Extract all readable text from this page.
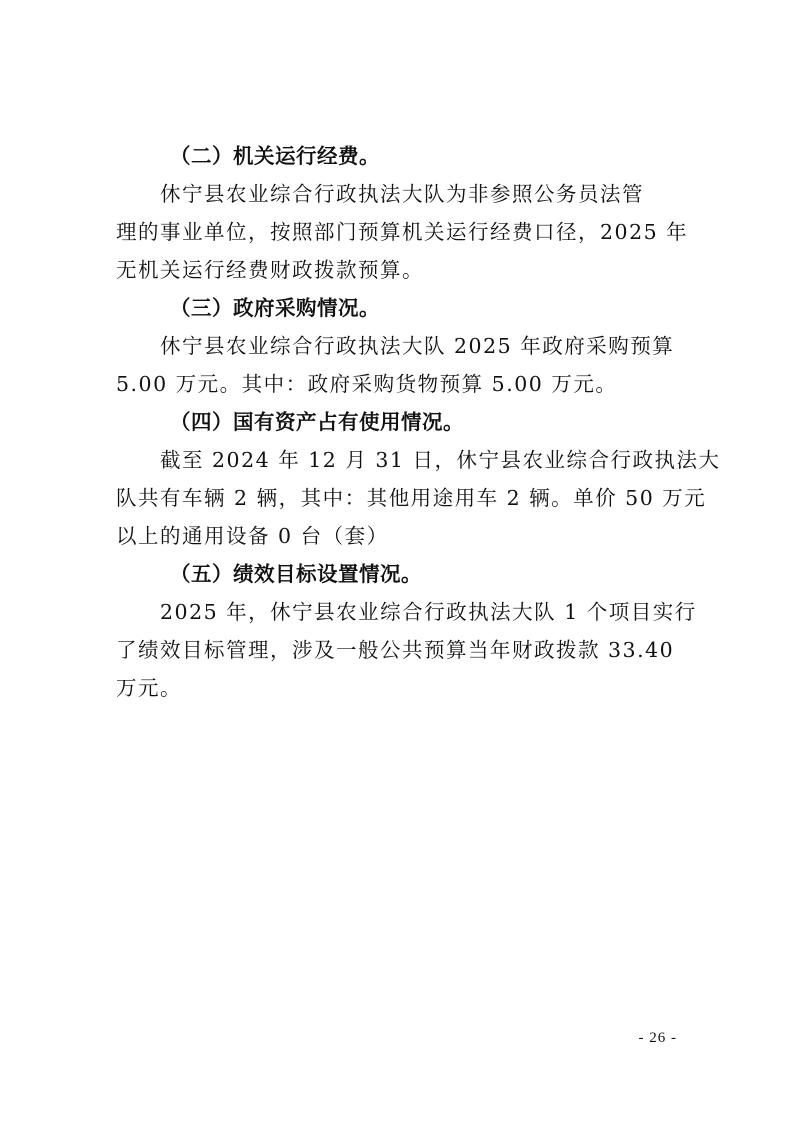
（二）机关运行经费。

休宁县农业综合行政执法大队为非参照公务员法管
理的事业单位，按照部门预算机关运行经费口径，2025 年
无机关运行经费财政拨款预算。

（三）政府采购情况。

休宁县农业综合行政执法大队 2025 年政府采购预算
5.00 万元。其中：政府采购货物预算 5.00 万元。

（四）国有资产占有使用情况。

截至 2024 年 12 月 31 日，休宁县农业综合行政执法大
队共有车辆 2 辆，其中：其他用途用车 2 辆。单价 50 万元
以上的通用设备 0 台（套）

（五）绩效目标设置情况。

2025 年，休宁县农业综合行政执法大队 1 个项目实行
了绩效目标管理，涉及一般公共预算当年财政拨款 33.40
万元。

- 26 -
